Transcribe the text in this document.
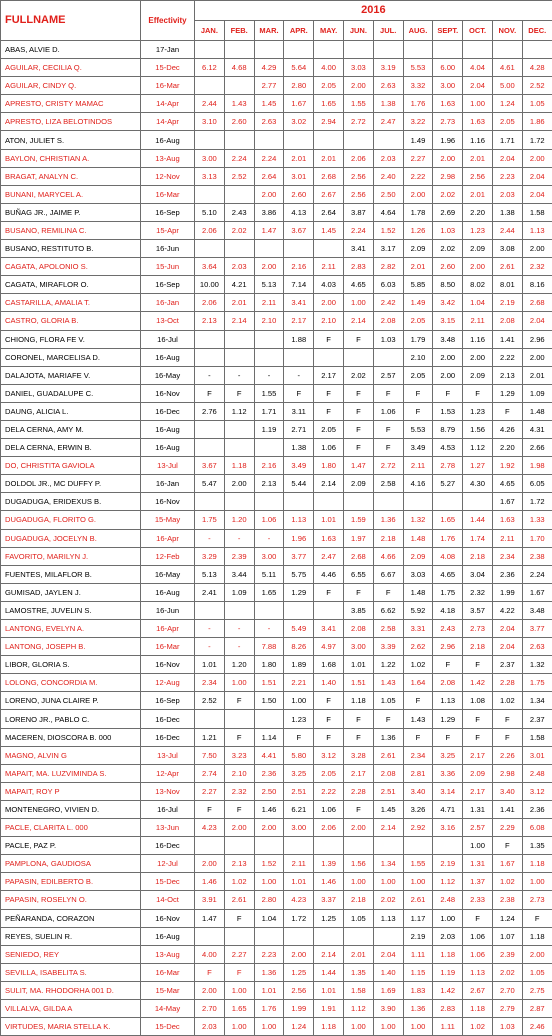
FULLNAME	Effectivity	2016											
		JAN.	FEB.	MAR.	APR.	MAY.	JUN.	JUL.	AUG.	SEPT.	OCT.	NOV.	DEC.
ABAS, ALVIE D.	17-Jan												
AGUILAR, CECILIA Q.	15-Dec	6.12	4.68	4.29	5.64	4.00	3.03	3.19	5.53	6.00	4.04	4.61	4.28
AGUILAR, CINDY Q.	16-Mar			2.77	2.80	2.05	2.00	2.63	3.32	3.00	2.04	5.00	2.52
APRESTO, CRISTY MAMAC	14-Apr	2.44	1.43	1.45	1.67	1.65	1.55	1.38	1.76	1.63	1.00	1.24	1.05
APRESTO, LIZA BELOTINDOS	14-Apr	3.10	2.60	2.63	3.02	2.94	2.72	2.47	3.22	2.73	1.63	2.05	1.86
ATON, JULIET S.	16-Aug								1.49	1.96	1.16	1.71	1.72
BAYLON, CHRISTIAN A.	13-Aug	3.00	2.24	2.24	2.01	2.01	2.06	2.03	2.27	2.00	2.01	2.04	2.00
BRAGAT, ANALYN C.	12-Nov	3.13	2.52	2.64	3.01	2.68	2.56	2.40	2.22	2.98	2.56	2.23	2.04
BUNANI, MARYCEL A.	16-Mar			2.00	2.60	2.67	2.56	2.50	2.00	2.02	2.01	2.03	2.04
BUÑAG JR., JAIME P.	16-Sep	5.10	2.43	3.86	4.13	2.64	3.87	4.64	1.78	2.69	2.20	1.38	1.58
BUSANO, REMILINA C.	15-Apr	2.06	2.02	1.47	3.67	1.45	2.24	1.52	1.26	1.03	1.23	2.44	1.13
BUSANO, RESTITUTO B.	16-Jun						3.41	3.17	2.09	2.02	2.09	3.08	2.00
CAGATA, APOLONIO S.	15-Jun	3.64	2.03	2.00	2.16	2.11	2.83	2.82	2.01	2.60	2.00	2.61	2.32
CAGATA, MIRAFLOR O.	16-Sep	10.00	4.21	5.13	7.14	4.03	4.65	6.03	5.85	8.50	8.02	8.01	8.16
CASTARILLA, AMALIA T.	16-Jan	2.06	2.01	2.11	3.41	2.00	1.00	2.42	1.49	3.42	1.04	2.19	2.68
CASTRO, GLORIA B.	13-Oct	2.13	2.14	2.10	2.17	2.10	2.14	2.08	2.05	3.15	2.11	2.08	2.04
CHIONG, FLORA FE V.	16-Jul				1.88	F	F	1.03	1.79	3.48	1.16	1.41	2.96
CORONEL, MARCELISA D.	16-Aug								2.10	2.00	2.00	2.22	2.00
DALAJOTA, MARIAFE V.	16-May	-	-	-	-	2.17	2.02	2.57	2.05	2.00	2.09	2.13	2.01
DANIEL, GUADALUPE C.	16-Nov	F	F	1.55	F	F	F	F	F	F	F	1.29	1.09
DAUNG, ALICIA L.	16-Dec	2.76	1.12	1.71	3.11	F	F	1.06	F	1.53	1.23	F	1.48
DELA CERNA, AMY M.	16-Aug			1.19	2.71	2.05	F	F	5.53	8.79	1.56	4.26	4.31
DELA CERNA, ERWIN B.	16-Aug				1.38	1.06	F	F	3.49	4.53	1.12	2.20	2.66
DO, CHRISTITA GAVIOLA	13-Jul	3.67	1.18	2.16	3.49	1.80	1.47	2.72	2.11	2.78	1.27	1.92	1.98
DOLDOL JR., MC DUFFY P.	16-Jan	5.47	2.00	2.13	5.44	2.14	2.09	2.58	4.16	5.27	4.30	4.65	6.05
DUGADUGA, ERIDEXUS B.	16-Nov											1.67	1.72
DUGADUGA, FLORITO G.	15-May	1.75	1.20	1.06	1.13	1.01	1.59	1.36	1.32	1.65	1.44	1.63	1.33
DUGADUGA, JOCELYN B.	16-Apr	-	-	-	1.96	1.63	1.97	2.18	1.48	1.76	1.74	2.11	1.70
FAVORITO, MARILYN J.	12-Feb	3.29	2.39	3.00	3.77	2.47	2.68	4.66	2.09	4.08	2.18	2.34	2.38
FUENTES, MILAFLOR B.	16-May	5.13	3.44	5.11	5.75	4.46	6.55	6.67	3.03	4.65	3.04	2.36	2.24
GUMISAD, JAYLEN J.	16-Aug	2.41	1.09	1.65	1.29	F	F	F	1.48	1.75	2.32	1.99	1.67
LAMOSTRE, JUVELIN S.	16-Jun						3.85	6.62	5.92	4.18	3.57	4.22	3.48
LANTONG, EVELYN A.	16-Apr	-	-	-	5.49	3.41	2.08	2.58	3.31	2.43	2.73	2.04	3.77
LANTONG, JOSEPH B.	16-Mar	-	-	7.88	8.26	4.97	3.00	3.39	2.62	2.96	2.18	2.04	2.63
LIBOR, GLORIA S.	16-Nov	1.01	1.20	1.80	1.89	1.68	1.01	1.22	1.02	F	F	2.37	1.32
LOLONG, CONCORDIA M.	12-Aug	2.34	1.00	1.51	2.21	1.40	1.51	1.43	1.64	2.08	1.42	2.28	1.75
LORENO, JUNA CLAIRE P.	16-Sep	2.52	F	1.50	1.00	F	1.18	1.05	F	1.13	1.08	1.02	1.34
LORENO JR., PABLO C.	16-Dec				1.23	F	F	F	1.43	1.29	F	F	2.37
MACEREN, DIOSCORA B. 000	16-Dec	1.21	F	1.14	F	F	F	1.36	F	F	F	F	1.58
MAGNO, ALVIN G	13-Jul	7.50	3.23	4.41	5.80	3.12	3.28	2.61	2.34	3.25	2.17	2.26	3.01
MAPAIT, MA. LUZVIMINDA S.	12-Apr	2.74	2.10	2.36	3.25	2.05	2.17	2.08	2.81	3.36	2.09	2.98	2.48
MAPAIT, ROY P	13-Nov	2.27	2.32	2.50	2.51	2.22	2.28	2.51	3.40	3.14	2.17	3.40	3.12
MONTENEGRO, VIVIEN D.	16-Jul	F	F	1.46	6.21	1.06	F	1.45	3.26	4.71	1.31	1.41	2.36
PACLE, CLARITA L. 000	13-Jun	4.23	2.00	2.00	3.00	2.06	2.00	2.14	2.92	3.16	2.57	2.29	6.08
PACLE, PAZ P.	16-Dec										1.00	F	1.35
PAMPLONA, GAUDIOSA	12-Jul	2.00	2.13	1.52	2.11	1.39	1.56	1.34	1.55	2.19	1.31	1.67	1.18
PAPASIN, EDILBERTO B.	15-Dec	1.46	1.02	1.00	1.01	1.46	1.00	1.00	1.00	1.12	1.37	1.02	1.00
PAPASIN, ROSELYN O.	14-Oct	3.91	2.61	2.80	4.23	3.37	2.18	2.02	2.61	2.48	2.33	2.38	2.73
PEÑARANDA, CORAZON	16-Nov	1.47	F	1.04	1.72	1.25	1.05	1.13	1.17	1.00	F	1.24	F
REYES, SUELIN R.	16-Aug								2.19	2.03	1.06	1.07	1.18
SENIEDO, REY	13-Aug	4.00	2.27	2.23	2.00	2.14	2.01	2.04	1.11	1.18	1.06	2.39	2.00
SEVILLA, ISABELITA S.	16-Mar	F	F	1.36	1.25	1.44	1.35	1.40	1.15	1.19	1.13	2.02	1.05
SULIT, MA. RHODORHA 001 D.	15-Mar	2.00	1.00	1.01	2.56	1.01	1.58	1.69	1.83	1.42	2.67	2.70	2.75
VILLALVA, GILDA A	14-May	2.70	1.65	1.76	1.99	1.91	1.12	3.90	1.36	2.83	1.18	2.79	2.87
VIRTUDES, MARIA STELLA K.	15-Dec	2.03	1.00	1.00	1.24	1.18	1.00	1.00	1.00	1.11	1.02	1.03	2.46
